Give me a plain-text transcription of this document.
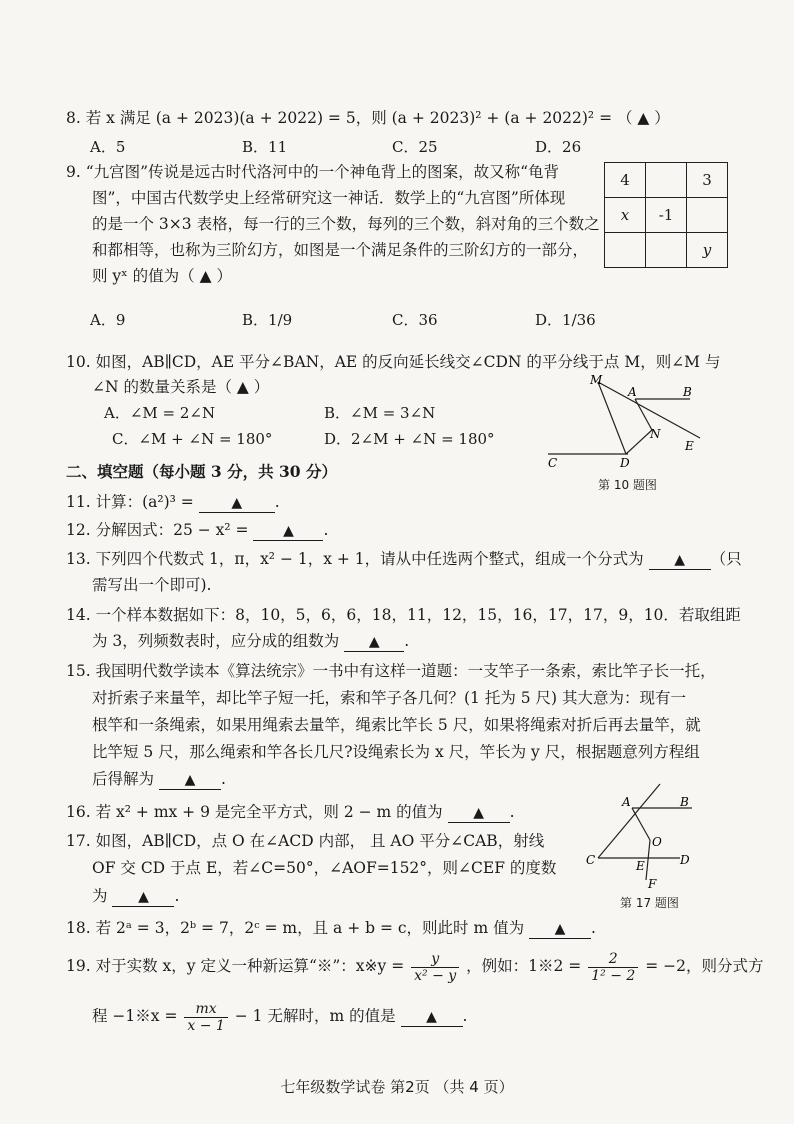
8. 若 x 满足 (a + 2023)(a + 2022) = 5，则 (a + 2023)² + (a + 2022)² = （ ▲ ）
A．5	B．11	C．25	D．26
9. “九宫图”传说是远古时代洛河中的一个神龟背上的图案，故又称“龟背
图”，中国古代数学史上经常研究这一神话．数学上的“九宫图”所体现
的是一个 3×3 表格，每一行的三个数，每列的三个数，斜对角的三个数之
和都相等，也称为三阶幻方，如图是一个满足条件的三阶幻方的一部分，
则 yˣ 的值为（ ▲ ）
4		3
x	-1	
		y
A．9	B．1/9	C．36	D．1/36
10. 如图，AB∥CD，AE 平分∠BAN，AE 的反向延长线交∠CDN 的平分线于点 M，则∠M 与
∠N 的数量关系是（ ▲ ）
A．∠M = 2∠N	B．∠M = 3∠N
C．∠M + ∠N = 180°	D．2∠M + ∠N = 180°
M
A	B
N
E
C	D
第 10 题图
二、填空题（每小题 3 分，共 30 分）
11. 计算：(a²)³ =	▲ .
12. 分解因式：25 − x² = ▲ .
13. 下列四个代数式 1，π，x² − 1，x + 1，请从中任选两个整式，组成一个分式为 ▲ （只
需写出一个即可).
14. 一个样本数据如下：8，10，5，6，6，18，11，12，15，16，17，17，9，10．若取组距
为 3，列频数表时，应分成的组数为 ▲ .
15. 我国明代数学读本《算法统宗》一书中有这样一道题：一支竿子一条索，索比竿子长一托，
对折索子来量竿，却比竿子短一托，索和竿子各几何？(1 托为 5 尺) 其大意为：现有一
根竿和一条绳索，如果用绳索去量竿，绳索比竿长 5 尺，如果将绳索对折后再去量竿，就
比竿短 5 尺，那么绳索和竿各长几尺?设绳索长为 x 尺，竿长为 y 尺，根据题意列方程组
后得解为 ▲ .
16. 若 x² + mx + 9 是完全平方式，则 2 − m 的值为 ▲ .
17. 如图，AB∥CD，点 O 在∠ACD 内部， 且 AO 平分∠CAB，射线
OF 交 CD 于点 E，若∠C=50°，∠AOF=152°，则∠CEF 的度数
为 ▲ .
A	B
O
C	E	D
F
第 17 题图
18. 若 2ᵃ = 3，2ᵇ = 7，2ᶜ = m，且 a + b = c，则此时 m 值为 ▲ .
19. 对于实数 x，y 定义一种新运算“※”：x※y = $\frac{y}{\text{x² − y}}$ ，例如：1※2 = $\frac{2}{\text{1² − 2}} = -2$，则分式方
程 −1※x = $\frac{mx}{x - 1} - 1$ 无解时，m 的值是 ▲ .
七年级数学试卷 第2页 （共 4 页）
